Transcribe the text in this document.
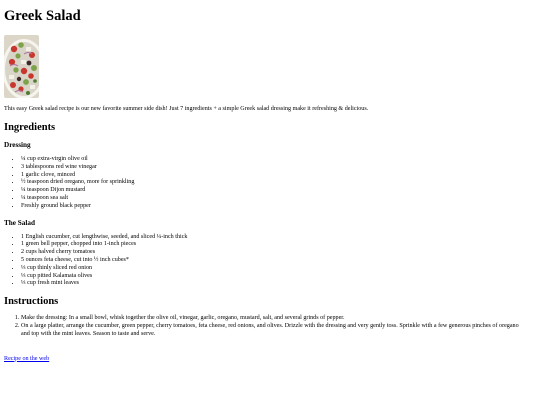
Greek Salad

This easy Greek salad recipe is our new favorite summer side dish! Just 7 ingredients + a simple Greek salad dressing make it refreshing & delicious.

Ingredients
Dressing
• ¼ cup extra-virgin olive oil
• 3 tablespoons red wine vinegar
• 1 garlic clove, minced
• ½ teaspoon dried oregano, more for sprinkling
• ¼ teaspoon Dijon mustard
• ¼ teaspoon sea salt
• Freshly ground black pepper
The Salad
• 1 English cucumber, cut lengthwise, seeded, and sliced ¼-inch thick
• 1 green bell pepper, chopped into 1-inch pieces
• 2 cups halved cherry tomatoes
• 5 ounces feta cheese, cut into ½ inch cubes*
• ⅓ cup thinly sliced red onion
• ⅓ cup pitted Kalamata olives
• ⅓ cup fresh mint leaves
Instructions
1. Make the dressing: In a small bowl, whisk together the olive oil, vinegar, garlic, oregano, mustard, salt, and several grinds of pepper.
2. On a large platter, arrange the cucumber, green pepper, cherry tomatoes, feta cheese, red onions, and olives. Drizzle with the dressing and very gently toss. Sprinkle with a few generous pinches of oregano and top with the mint leaves. Season to taste and serve.
Recipe on the web
